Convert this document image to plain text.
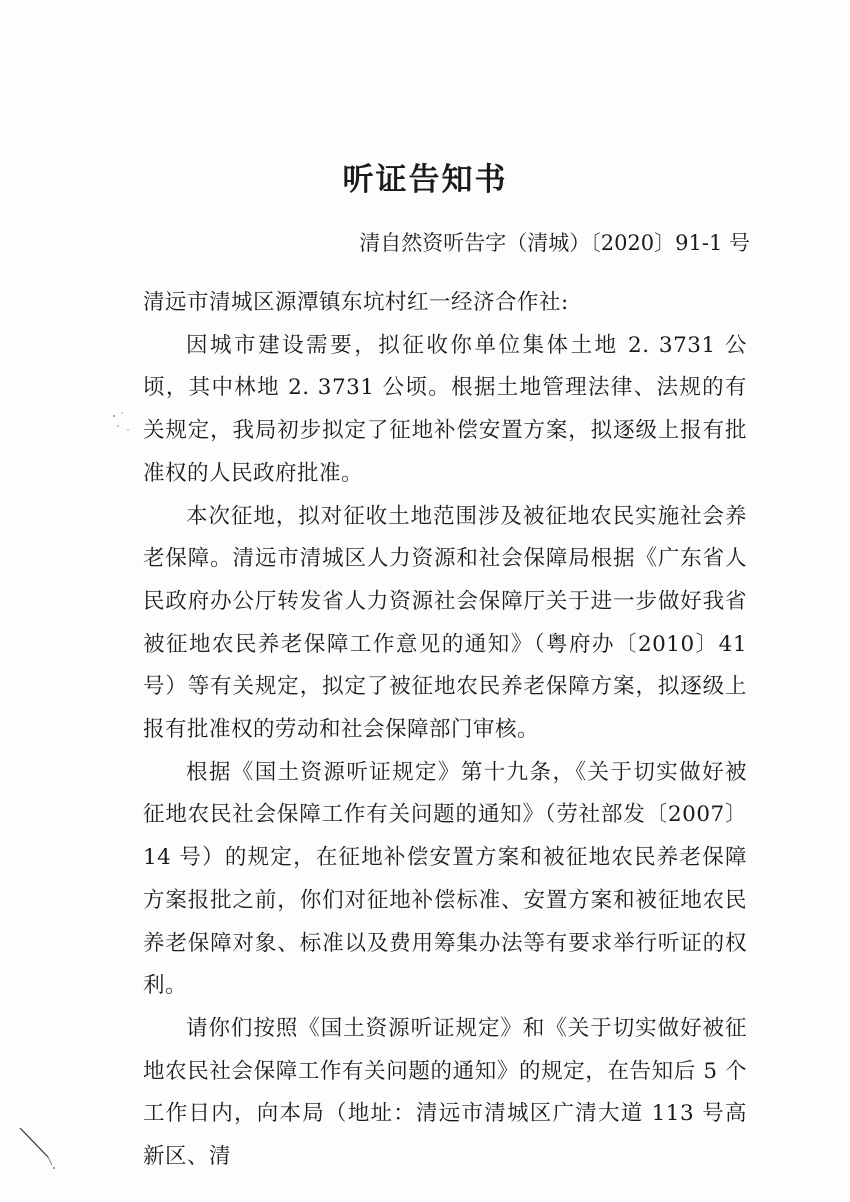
听证告知书
清自然资听告字（清城）〔2020〕91-1 号

清远市清城区源潭镇东坑村红一经济合作社:

因城市建设需要，拟征收你单位集体土地 2. 3731 公顷，其中林地 2. 3731 公顷。根据土地管理法律、法规的有关规定，我局初步拟定了征地补偿安置方案，拟逐级上报有批准权的人民政府批准。

本次征地，拟对征收土地范围涉及被征地农民实施社会养老保障。清远市清城区人力资源和社会保障局根据《广东省人民政府办公厅转发省人力资源社会保障厅关于进一步做好我省被征地农民养老保障工作意见的通知》（粤府办〔2010〕41 号）等有关规定，拟定了被征地农民养老保障方案，拟逐级上报有批准权的劳动和社会保障部门审核。

根据《国土资源听证规定》第十九条，《关于切实做好被征地农民社会保障工作有关问题的通知》（劳社部发〔2007〕14 号）的规定，在征地补偿安置方案和被征地农民养老保障方案报批之前，你们对征地补偿标准、安置方案和被征地农民养老保障对象、标准以及费用筹集办法等有要求举行听证的权利。

请你们按照《国土资源听证规定》和《关于切实做好被征地农民社会保障工作有关问题的通知》的规定，在告知后 5 个工作日内，向本局（地址：清远市清城区广清大道 113 号高新区、清
